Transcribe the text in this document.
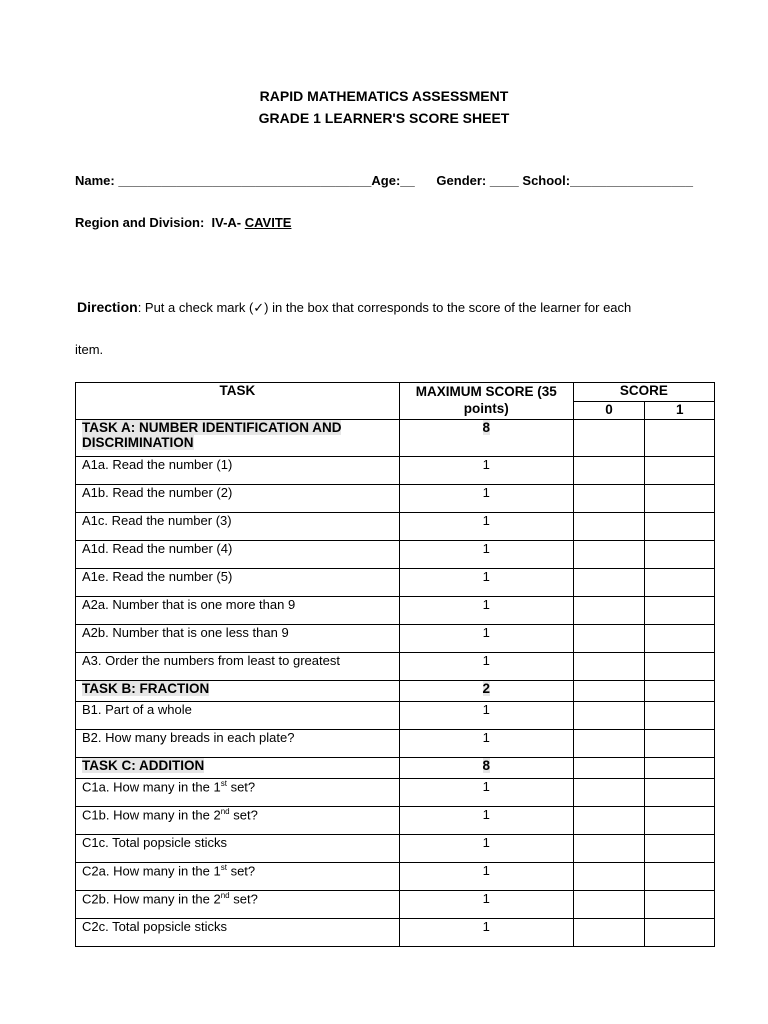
RAPID MATHEMATICS ASSESSMENT
GRADE 1 LEARNER'S SCORE SHEET
Name: ___________________________________Age:__      Gender: ____ School:_________________
Region and Division:  IV-A- CAVITE
Direction: Put a check mark (✓) in the box that corresponds to the score of the learner for each
item.
TASK	MAXIMUM SCORE (35 points)	SCORE	
		0	1
TASK A: NUMBER IDENTIFICATION AND DISCRIMINATION	8		
A1a. Read the number (1)	1		
A1b. Read the number (2)	1		
A1c. Read the number (3)	1		
A1d. Read the number (4)	1		
A1e. Read the number (5)	1		
A2a. Number that is one more than 9	1		
A2b. Number that is one less than 9	1		
A3. Order the numbers from least to greatest	1		
TASK B: FRACTION	2		
B1. Part of a whole	1		
B2. How many breads in each plate?	1		
TASK C: ADDITION	8		
C1a. How many in the 1st set?	1		
C1b. How many in the 2nd set?	1		
C1c. Total popsicle sticks	1		
C2a. How many in the 1st set?	1		
C2b. How many in the 2nd set?	1		
C2c. Total popsicle sticks	1		
